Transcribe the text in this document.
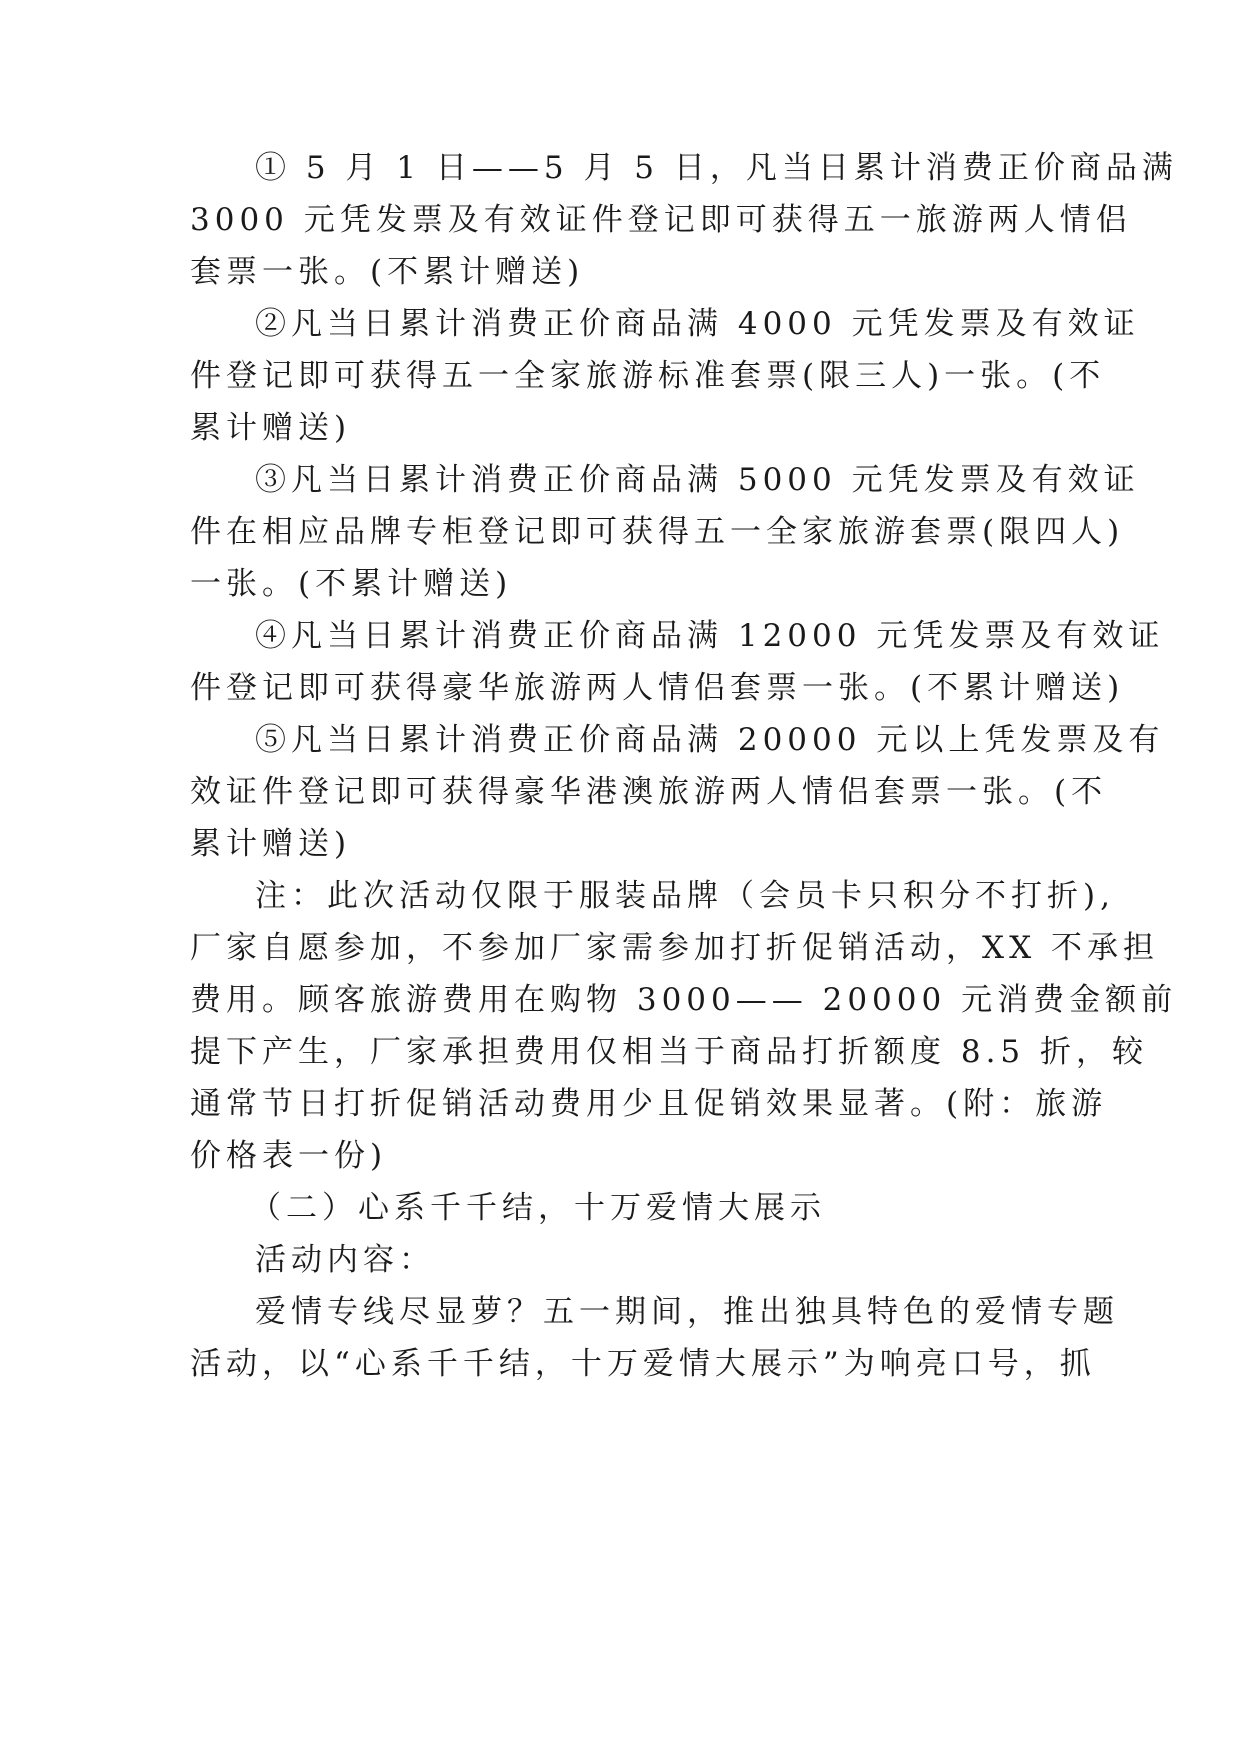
① 5 月 1 日——5 月 5 日，凡当日累计消费正价商品满
3000 元凭发票及有效证件登记即可获得五一旅游两人情侣
套票一张。(不累计赠送)
②凡当日累计消费正价商品满 4000 元凭发票及有效证
件登记即可获得五一全家旅游标准套票(限三人)一张。(不
累计赠送)
③凡当日累计消费正价商品满 5000 元凭发票及有效证
件在相应品牌专柜登记即可获得五一全家旅游套票(限四人)
一张。(不累计赠送)
④凡当日累计消费正价商品满 12000 元凭发票及有效证
件登记即可获得豪华旅游两人情侣套票一张。(不累计赠送)
⑤凡当日累计消费正价商品满 20000 元以上凭发票及有
效证件登记即可获得豪华港澳旅游两人情侣套票一张。(不
累计赠送)
注：此次活动仅限于服装品牌（会员卡只积分不打折),
厂家自愿参加，不参加厂家需参加打折促销活动，XX 不承担
费用。顾客旅游费用在购物 3000—— 20000 元消费金额前
提下产生，厂家承担费用仅相当于商品打折额度 8.5 折，较
通常节日打折促销活动费用少且促销效果显著。(附：旅游
价格表一份)
（二）心系千千结，十万爱情大展示
活动内容：
爱情专线尽显萝？五一期间，推出独具特色的爱情专题
活动，以“心系千千结，十万爱情大展示”为响亮口号，抓
